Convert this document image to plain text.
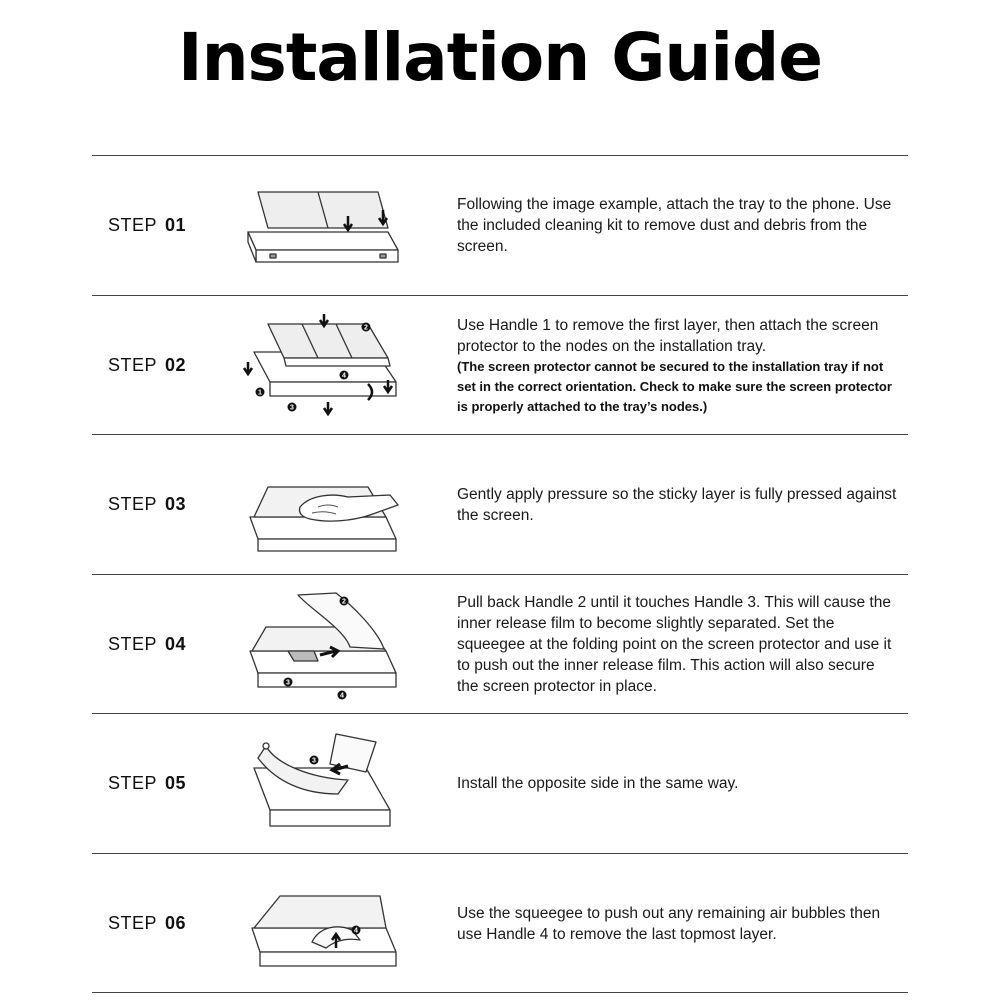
Installation Guide
STEP 01
Following the image example, attach the tray to the phone. Use the included cleaning kit to remove dust and debris from the screen.
STEP 02
1
2
3
4
Use Handle 1 to remove the first layer, then attach the screen protector to the nodes on the installation tray.
(The screen protector cannot be secured to the installation tray if not set in the correct orientation. Check to make sure the screen protector is properly attached to the tray’s nodes.)
STEP 03	Gently apply pressure so the sticky layer is fully pressed against the screen.
STEP 04
2
3
4
Pull back Handle 2 until it touches Handle 3. This will cause the inner release film to become slightly separated. Set the squeegee at the folding point on the screen protector and use it to push out the inner release film. This action will also secure the screen protector in place.
STEP 05
3
Install the opposite side in the same way.
STEP 06	4
Use the squeegee to push out any remaining air bubbles then use Handle 4 to remove the last topmost layer.
